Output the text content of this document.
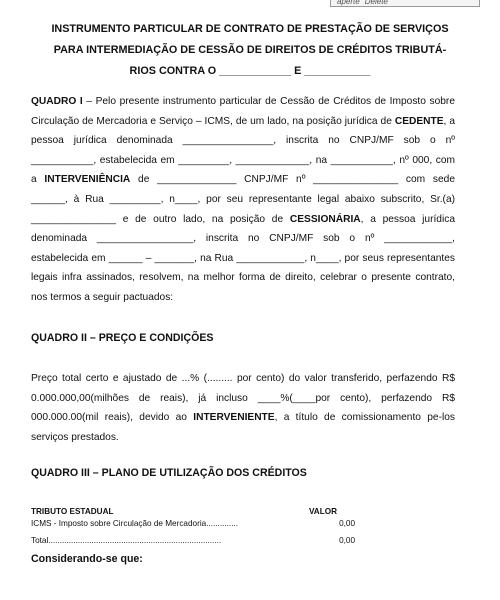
aperte "Delete"
INSTRUMENTO PARTICULAR DE CONTRATO DE PRESTAÇÃO DE SERVIÇOS
PARA INTERMEDIAÇÃO DE CESSÃO DE DIREITOS DE CRÉDITOS TRIBUTÁ-
RIOS CONTRA O ____________ E ___________
QUADRO I – Pelo presente instrumento particular de Cessão de Créditos de Imposto sobre Circulação de Mercadoria e Serviço – ICMS, de um lado, na posição jurídica de CEDENTE, a pessoa jurídica denominada ________________, inscrita no CNPJ/MF sob o nº ___________, estabelecida em _________, _____________, na ___________, nº 000, com a INTERVENIÊNCIA de ______________ CNPJ/MF nº _______________ com sede ______, à Rua _________, n____, por seu representante legal abaixo subscrito, Sr.(a) _______________ e de outro lado, na posição de CESSIONÁRIA, a pessoa jurídica denominada _________________, inscrita no CNPJ/MF sob o nº ____________, estabelecida em ______ – _______, na Rua ____________, n____, por seus representantes legais infra assinados, resolvem, na melhor forma de direito, celebrar o presente contrato, nos termos a seguir pactuados:
QUADRO II – PREÇO E CONDIÇÕES
Preço total certo e ajustado de ...% (......... por cento) do valor transferido, perfazendo R$ 0.000.000,00(milhões de reais), já incluso ____%(____por cento), perfazendo R$ 000.000.00(mil reais), devido ao INTERVENIENTE, a título de comissionamento pe-los serviços prestados.
QUADRO III – PLANO DE UTILIZAÇÃO DOS CRÉDITOS
TRIBUTO ESTADUAL	VALOR
ICMS - Imposto sobre Circulação de Mercadoria..............	0,00
Total............................................................................	0,00
Considerando-se que:
